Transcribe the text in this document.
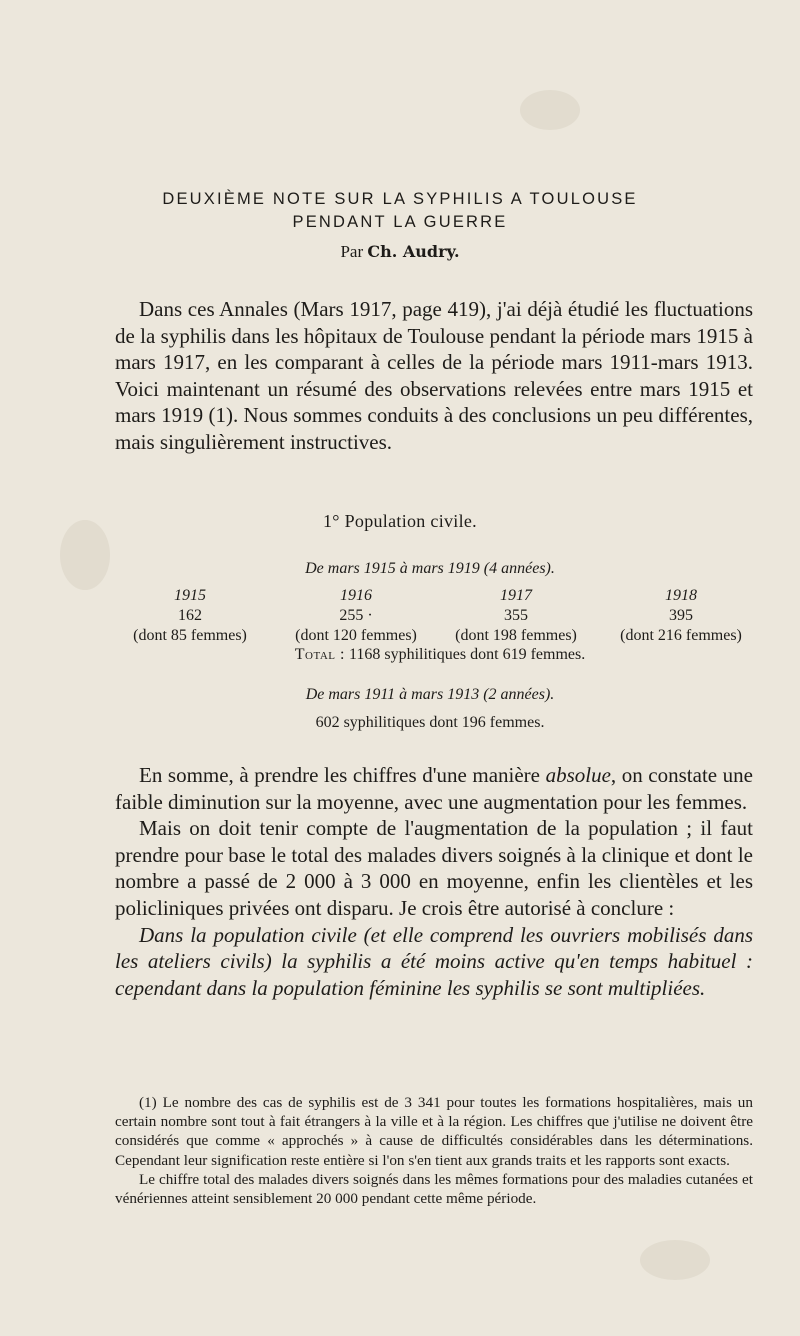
DEUXIÈME NOTE SUR LA SYPHILIS A TOULOUSE
PENDANT LA GUERRE
Par Ch. Audry.

Dans ces Annales (Mars 1917, page 419), j'ai déjà étudié les fluctuations de la syphilis dans les hôpitaux de Toulouse pendant la période mars 1915 à mars 1917, en les comparant à celles de la période mars 1911-mars 1913. Voici maintenant un résumé des observations relevées entre mars 1915 et mars 1919 (1). Nous sommes conduits à des conclusions un peu différentes, mais singulièrement instructives.

1° Population civile.
De mars 1915 à mars 1919 (4 années).
1915
162
(dont 85 femmes)
1916
255 ·
(dont 120 femmes)
1917
355
(dont 198 femmes)
1918
395
(dont 216 femmes)
Total : 1168 syphilitiques dont 619 femmes.
De mars 1911 à mars 1913 (2 années).
602 syphilitiques dont 196 femmes.

En somme, à prendre les chiffres d'une manière absolue, on constate une faible diminution sur la moyenne, avec une augmentation pour les femmes.

Mais on doit tenir compte de l'augmentation de la population ; il faut prendre pour base le total des malades divers soignés à la clinique et dont le nombre a passé de 2 000 à 3 000 en moyenne, enfin les clientèles et les policliniques privées ont disparu. Je crois être autorisé à conclure :

Dans la population civile (et elle comprend les ouvriers mobilisés dans les ateliers civils) la syphilis a été moins active qu'en temps habituel : cependant dans la population féminine les syphilis se sont multipliées.

(1) Le nombre des cas de syphilis est de 3 341 pour toutes les formations hospitalières, mais un certain nombre sont tout à fait étrangers à la ville et à la région. Les chiffres que j'utilise ne doivent être considérés que comme « approchés » à cause de difficultés considérables dans les déterminations. Cependant leur signification reste entière si l'on s'en tient aux grands traits et les rapports sont exacts.

Le chiffre total des malades divers soignés dans les mêmes formations pour des maladies cutanées et vénériennes atteint sensiblement 20 000 pendant cette même période.
